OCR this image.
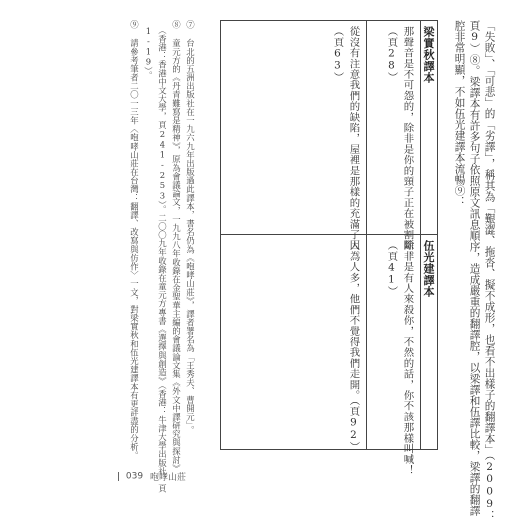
「失敗」、「可悲」的「劣譯」，稱其為「艱澀、拖沓、擬不成形，也看不出樣子的翻譯本」（2009：
頁9）⑧。梁譯本有許多句子依照原文訊息順序，造成嚴重的翻譯腔，以梁譯和伍譯比較，梁譯的翻譯
腔非常明顯，不如伍光建譯本流暢⑨：
梁實秋譯本
那聲音是不可怨的，除非是你的頸子正在被割斷。
（頁28）
從沒有注意我們的缺陷，屋裡是那樣的充滿了人。
（頁63）
伍光建譯本
除非是有人來殺你，不然的話，你不該那樣叫喊！
（頁41）
因為人多，他們不覺得我們走開。（頁92）
⑦ 台北的五洲出版社在一九六九年出版過此譯本，書名仍為《咆哮山莊》，譯者署名為「王秀夫、曹開元」。
⑧ 童元方的《丹青難寫是精神》，原為會議論文，一九九八年收錄在金聖華主編的會議論文集《外文中譯研究與探討》
（香港：香港中文大學，頁241-253）。二〇〇九年收錄在童元方專書《選擇與創造》（香港：牛津大學出版社，頁
1-19）。
⑨ 請參考筆者二〇一三年〈咆哮山莊在台灣：翻譯、改寫與仿作〉一文，對梁實秋和伍光建譯本有更詳盡的分析。
039 咆哮山莊
